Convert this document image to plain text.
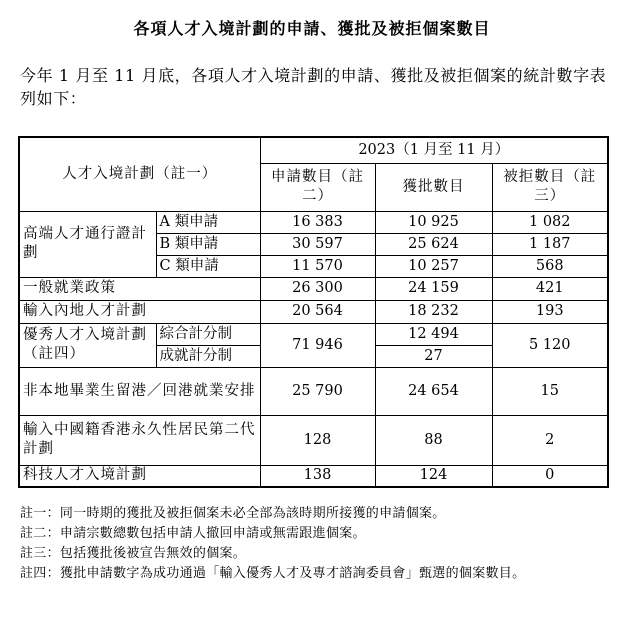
各項人才入境計劃的申請、獲批及被拒個案數目
今年 1 月至 11 月底，各項人才入境計劃的申請、獲批及被拒個案的統計數字表列如下：
人才入境計劃（註一）		2023（1 月至 11 月）		
		申請數目（註二）	獲批數目	被拒數目（註三）
高端人才通行證計劃	A 類申請	16 383	10 925	1 082
	B 類申請	30 597	25 624	1 187
	C 類申請	11 570	10 257	568
一般就業政策		26 300	24 159	421
輸入內地人才計劃		20 564	18 232	193
優秀人才入境計劃（註四）	綜合計分制	71 946	12 494	5 120
	成就計分制		27	
非本地畢業生留港／回港就業安排		25 790	24 654	15
輸入中國籍香港永久性居民第二代計劃		128	88	2
科技人才入境計劃		138	124	0
註一： 同一時期的獲批及被拒個案未必全部為該時期所接獲的申請個案。
註二： 申請宗數總數包括申請人撤回申請或無需跟進個案。
註三： 包括獲批後被宣告無效的個案。
註四： 獲批申請數字為成功通過「輸入優秀人才及專才諮詢委員會」甄選的個案數目。
